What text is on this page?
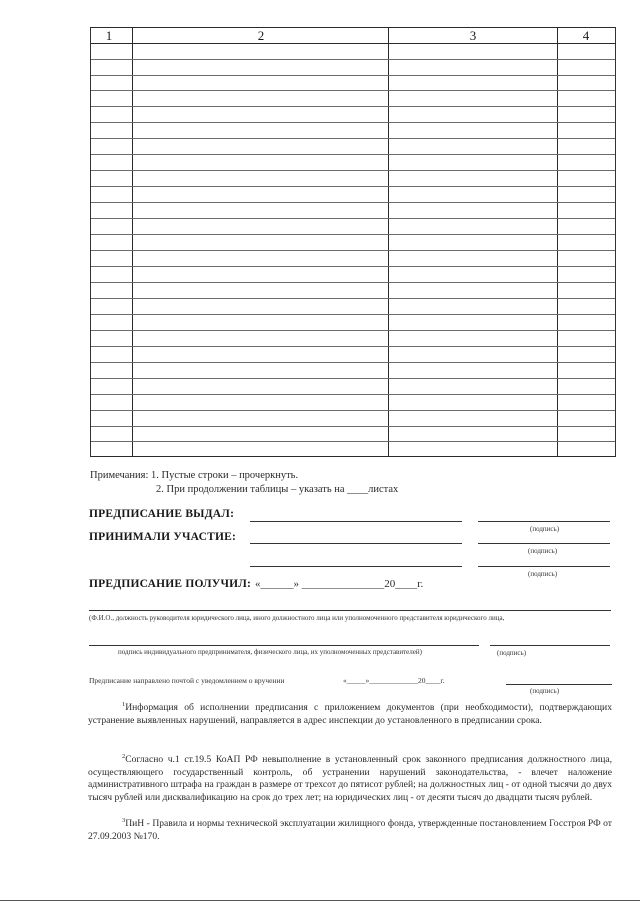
1	2	3	4
Примечания: 1. Пустые строки – прочеркнуть.
2. При продолжении таблицы – указать на ____листах
ПРЕДПИСАНИЕ ВЫДАЛ:
(подпись)
ПРИНИМАЛИ УЧАСТИЕ:
(подпись)
(подпись)
ПРЕДПИСАНИЕ ПОЛУЧИЛ: «______» _______________20____г.
(Ф.И.О., должность руководителя юридического лица, иного должностного лица или уполномоченного представителя юридического лица,
подпись индивидуального предпринимателя, физического лица, их уполномоченных представителей)	(подпись)
Предписание направлено почтой с уведомлением о вручении	«_____»_____________20____г.
(подпись)
$^1$Информация об исполнении предписания с приложением документов (при необходимости), подтверждающих устранение выявленных нарушений, направляется в адрес инспекции до установленного в предписании срока.
$^2$Согласно ч.1 ст.19.5 КоАП РФ невыполнение в установленный срок законного предписания должностного лица, осуществляющего государственный контроль, об устранении нарушений законодательства, - влечет наложение административного штрафа на граждан в размере от трехсот до пятисот рублей; на должностных лиц - от одной тысячи до двух тысяч рублей или дисквалификацию на срок до трех лет; на юридических лиц - от десяти тысяч до двадцати тысяч рублей.
$^3$ПиН - Правила и нормы технической эксплуатации жилищного фонда, утвержденные постановлением Госстроя РФ от 27.09.2003 №170.
